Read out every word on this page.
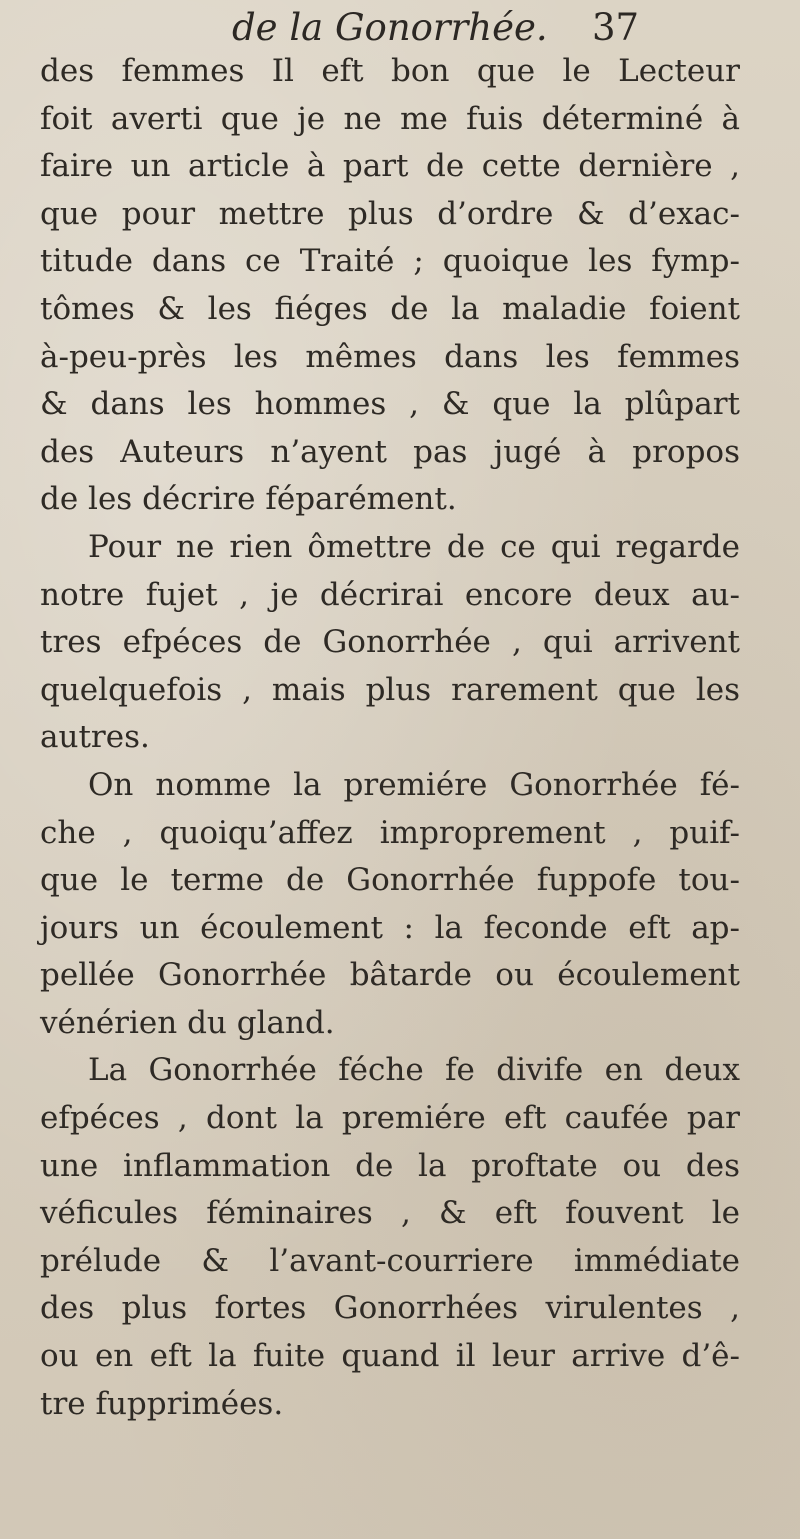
de la Gonorrhée. 37
des femmes Il eft bon que le Lecteur
foit averti que je ne me fuis déterminé à
faire un article à part de cette dernière ,
que pour mettre plus d’ordre & d’exac-
titude dans ce Traité ; quoique les fymp-
tômes & les fiéges de la maladie foient
à-peu-près les mêmes dans les femmes
& dans les hommes , & que la plûpart
des Auteurs n’ayent pas jugé à propos
de les décrire féparément.
Pour ne rien ômettre de ce qui regarde
notre fujet , je décrirai encore deux au-
tres efpéces de Gonorrhée , qui arrivent
quelquefois , mais plus rarement que les
autres.
On nomme la premiére Gonorrhée fé-
che , quoiqu’affez improprement , puif-
que le terme de Gonorrhée fuppofe tou-
jours un écoulement : la feconde eft ap-
pellée Gonorrhée bâtarde ou écoulement
vénérien du gland.
La Gonorrhée féche fe divife en deux
efpéces , dont la premiére eft caufée par
une inflammation de la proftate ou des
véficules féminaires , & eft fouvent le
prélude & l’avant-courriere immédiate
des plus fortes Gonorrhées virulentes ,
ou en eft la fuite quand il leur arrive d’ê-
tre fupprimées.
